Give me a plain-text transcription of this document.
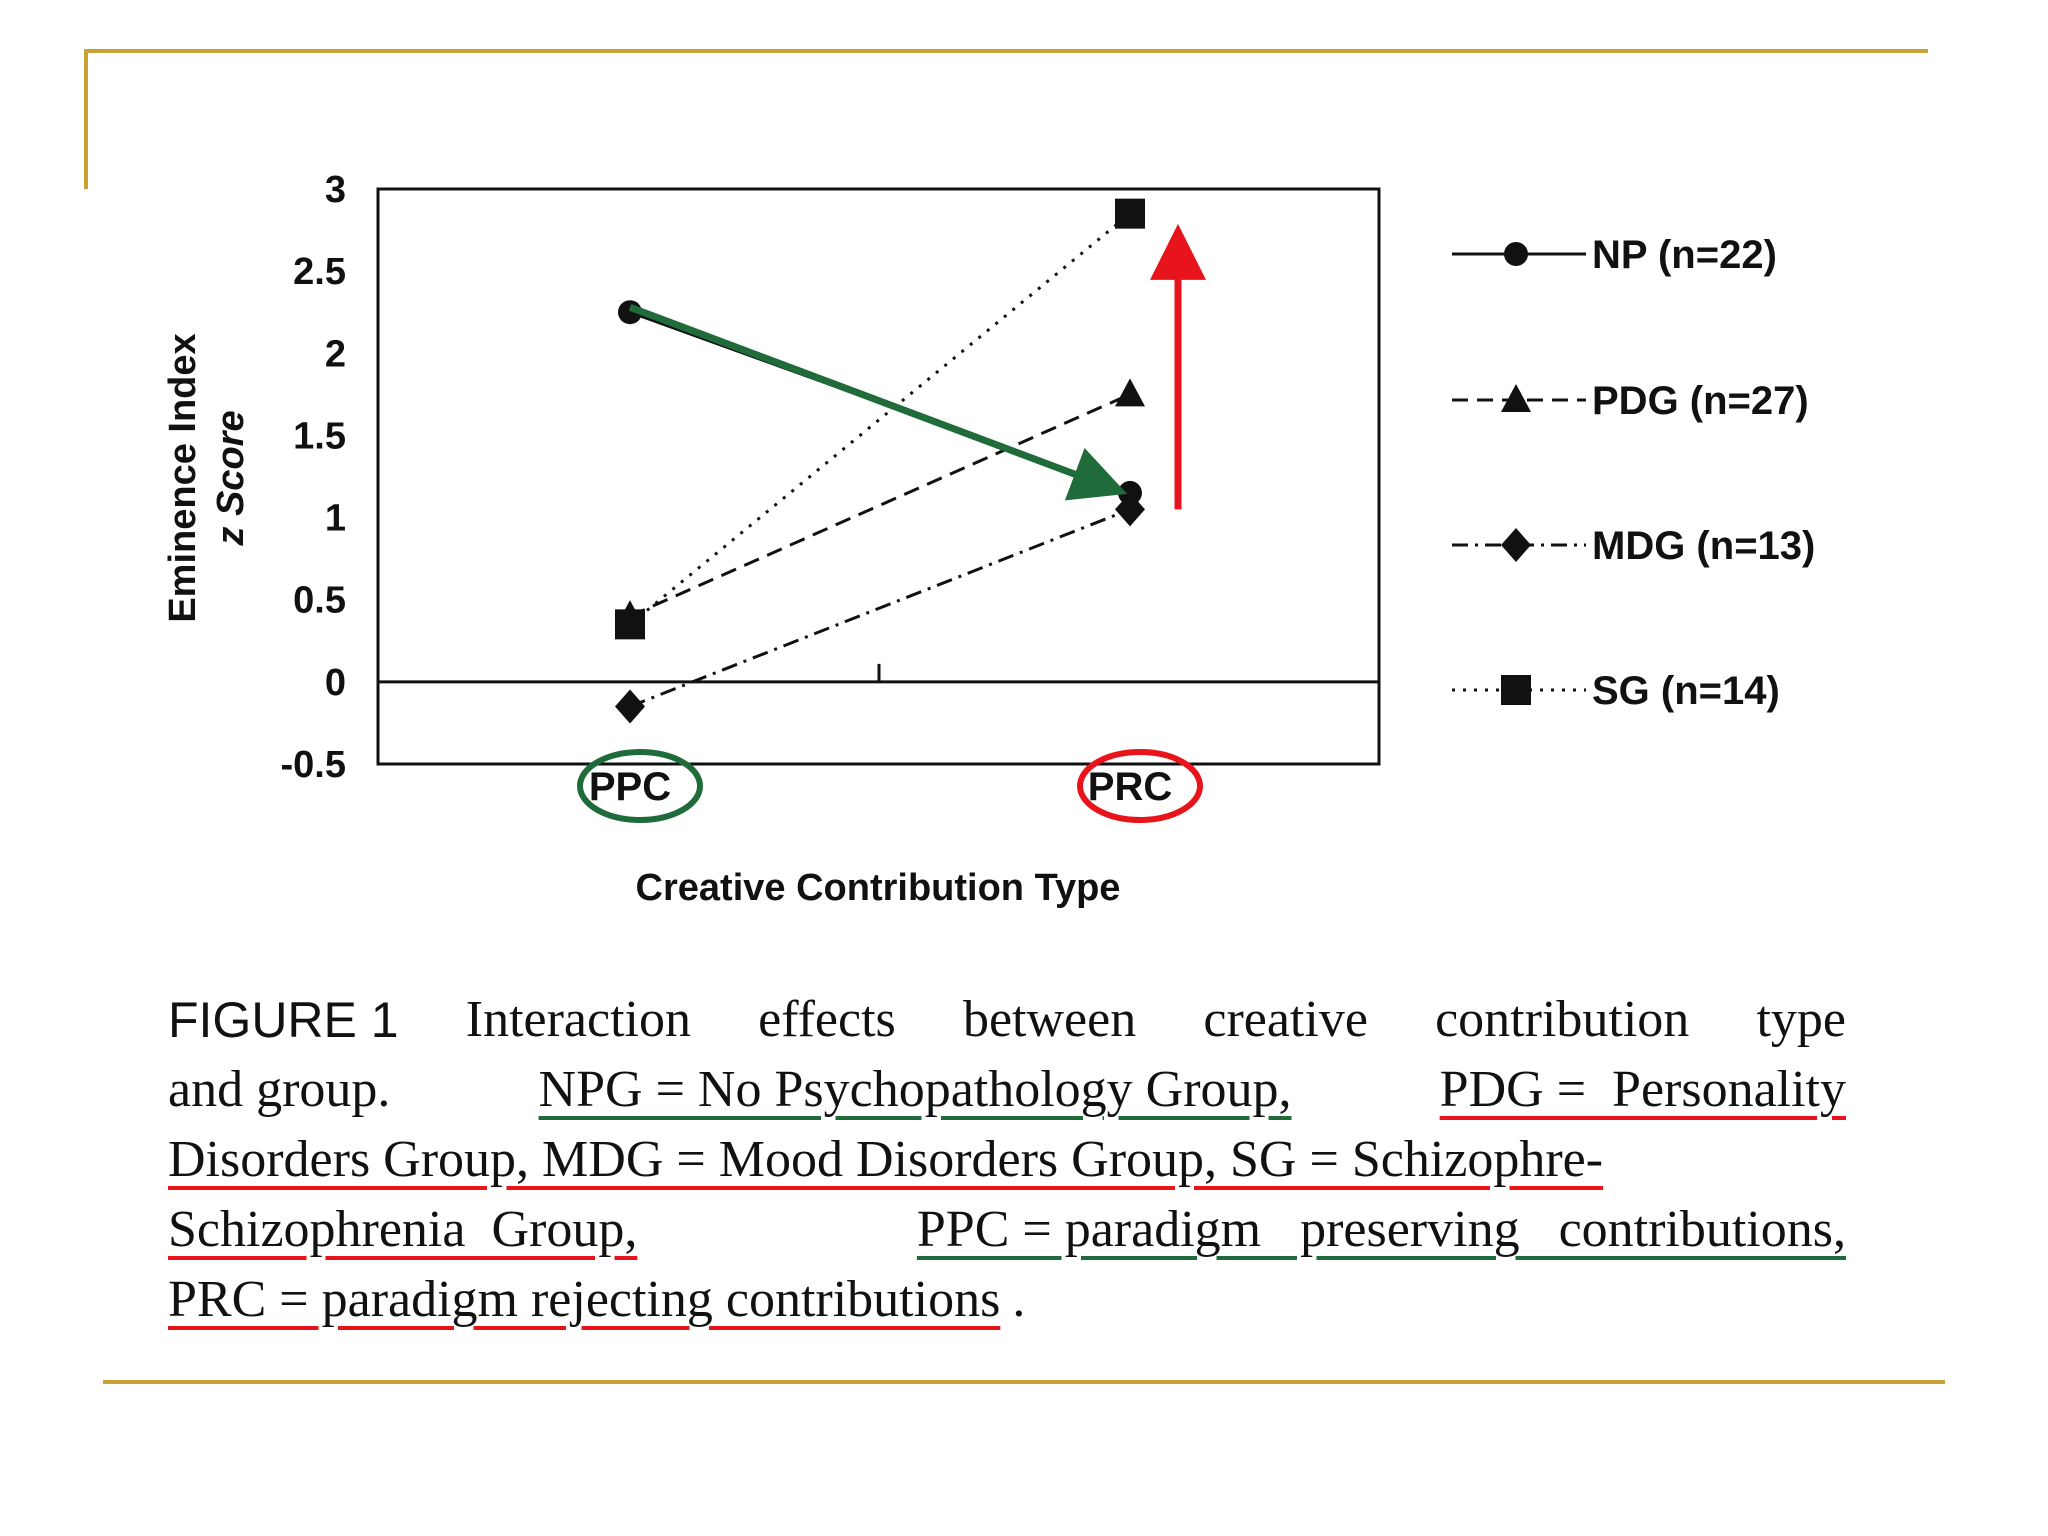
3
2.5
2
1.5
1
0.5
0
-0.5
NP (n=22)
PDG (n=27)
MDG (n=13)
SG (n=14)
Eminence Index z Score
PPC	PRC
Creative Contribution Type
FIGURE 1 Interaction effects between creative contribution type
and group.	NPG = No Psychopathology Group,	PDG =  Personality
Disorders Group, MDG = Mood Disorders Group, SG = Schizophre-
Schizophrenia  Group,	PPC = paradigm   preserving   contributions,
PRC = paradigm rejecting contributions .
